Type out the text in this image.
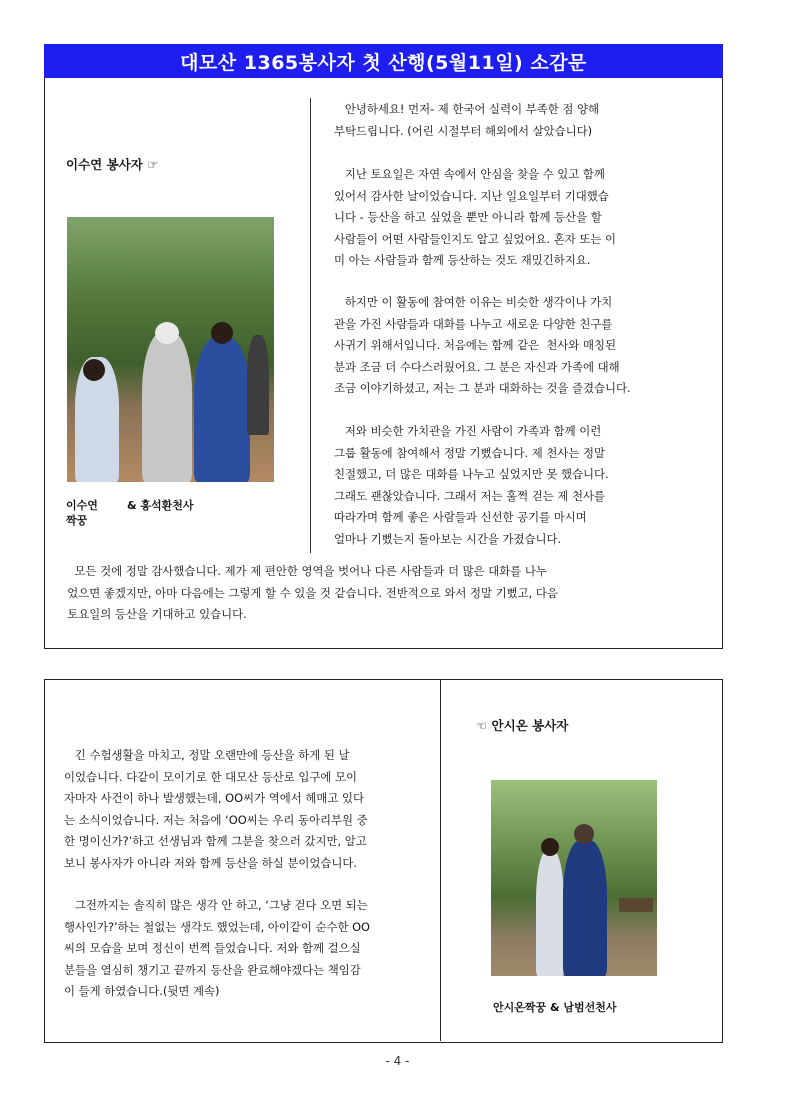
대모산 1365봉사자 첫 산행(5월11일) 소감문
이수연 봉사자 ☞
이수연	& 홍석환천사
짝꿍

안녕하세요! 먼저- 제 한국어 실력이 부족한 점 양해
부탁드립니다. (어린 시절부터 해외에서 살았습니다)

지난 토요일은 자연 속에서 안심을 찾을 수 있고 함께
있어서 감사한 날이었습니다. 지난 일요일부터 기대했습
니다 - 등산을 하고 싶었을 뿐만 아니라 함께 등산을 할
사람들이 어떤 사람들인지도 알고 싶었어요. 혼자 또는 이
미 아는 사람들과 함께 등산하는 것도 재밌긴하지요.

하지만 이 활동에 참여한 이유는 비슷한 생각이나 가치
관을 가진 사람들과 대화를 나누고 새로운 다양한 친구를
사귀기 위해서입니다. 처음에는 함께 같은  천사와 매칭된
분과 조금 더 수다스러웠어요. 그 분은 자신과 가족에 대해
조금 이야기하셨고, 저는 그 분과 대화하는 것을 즐겼습니다.

저와 비슷한 가치관을 가진 사람이 가족과 함께 이런
그룹 활동에 참여해서 정말 기뻤습니다. 제 천사는 정말
친절했고, 더 많은 대화를 나누고 싶었지만 못 했습니다.
그래도 괜찮았습니다. 그래서 저는 훌쩍 걷는 제 천사를
따라가며 함께 좋은 사람들과 신선한 공기를 마시며
얼마나 기뻤는지 돌아보는 시간을 가졌습니다.

모든 것에 정말 감사했습니다. 제가 제 편안한 영역을 벗어나 다른 사람들과 더 많은 대화를 나누
었으면 좋겠지만, 아마 다음에는 그렇게 할 수 있을 것 같습니다. 전반적으로 와서 정말 기뻤고, 다음
토요일의 등산을 기대하고 있습니다.

긴 수험생활을 마치고, 정말 오랜만에 등산을 하게 된 날
이었습니다. 다같이 모이기로 한 대모산 등산로 입구에 모이
자마자 사건이 하나 발생했는데, OO씨가 역에서 헤매고 있다
는 소식이었습니다. 저는 처음에 ‘OO씨는 우리 동아리부원 중
한 명이신가?’하고 선생님과 함께 그분을 찾으러 갔지만, 알고
보니 봉사자가 아니라 저와 함께 등산을 하실 분이었습니다.

그전까지는 솔직히 많은 생각 안 하고, ‘그냥 걷다 오면 되는
행사인가?’하는 철없는 생각도 했었는데, 아이같이 순수한 OO
씨의 모습을 보며 정신이 번쩍 들었습니다. 저와 함께 걸으실
분들을 열심히 챙기고 끝까지 등산을 완료해야겠다는 책임감
이 들게 하였습니다.(뒷면 계속)

☜ 안시온 봉사자
안시온짝꿍 & 남범선천사
- 4 -
